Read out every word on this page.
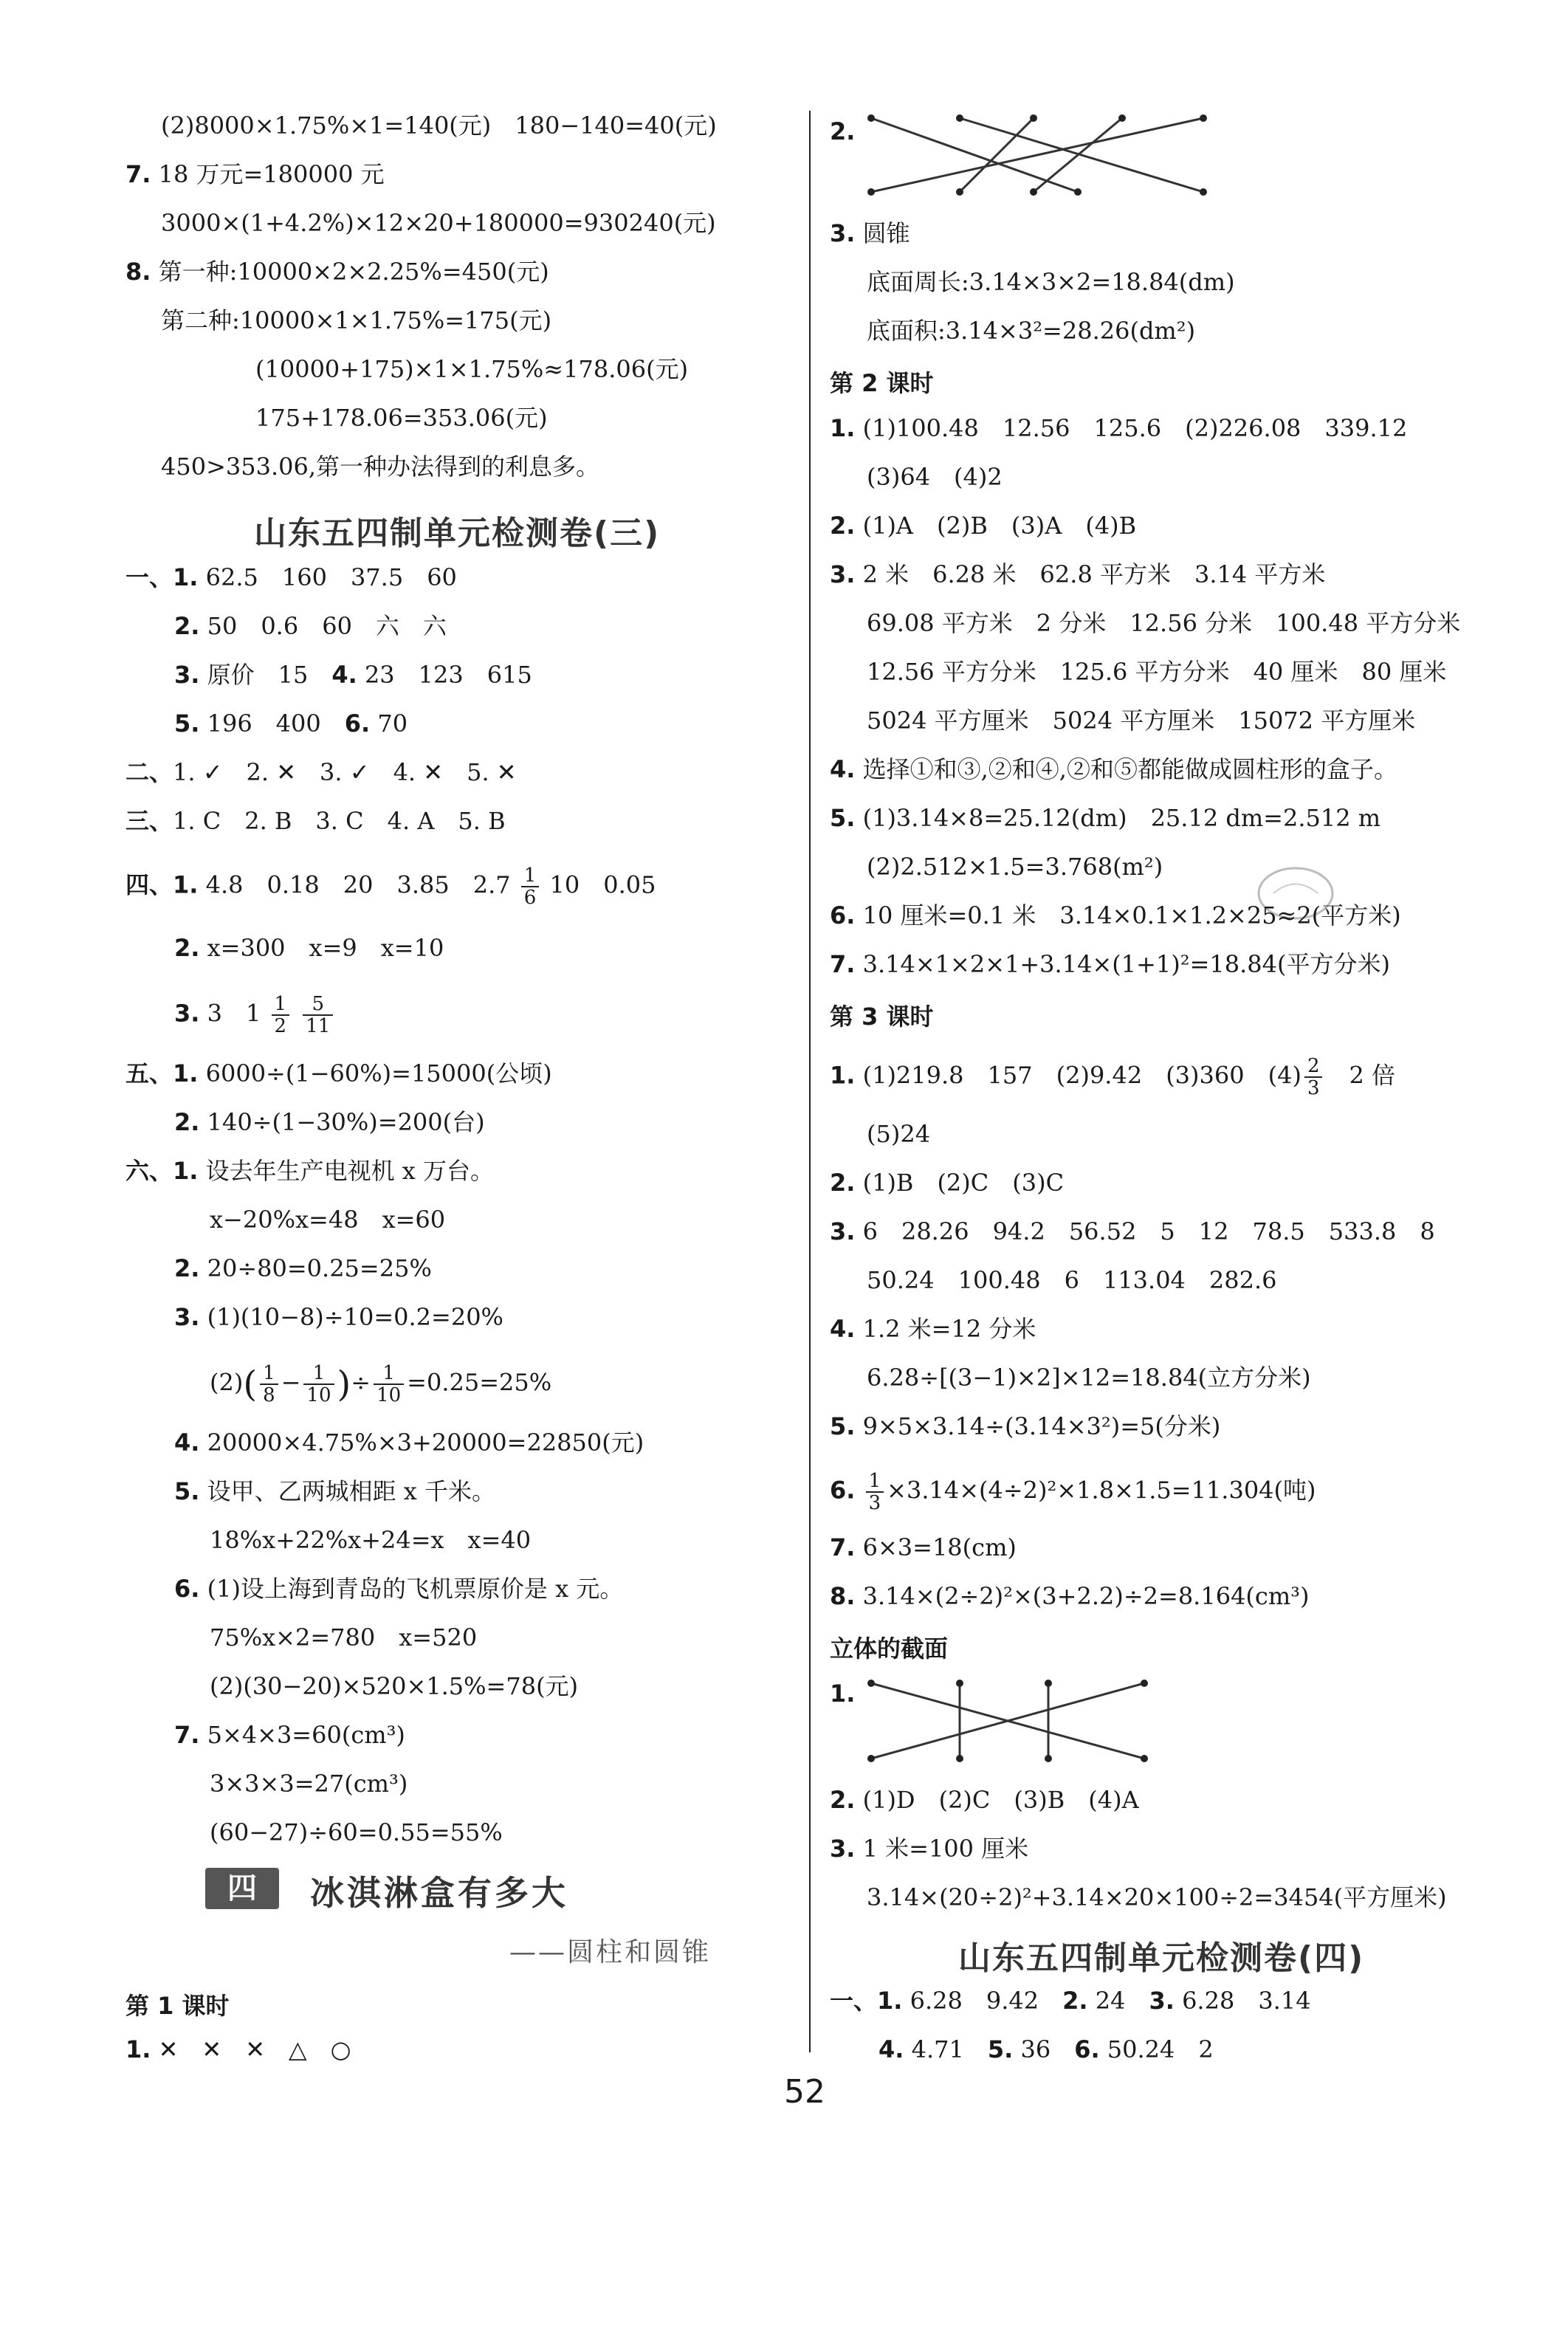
(2)8000×1.75%×1=140(元)　180−140=40(元)
7. 18 万元=180000 元
3000×(1+4.2%)×12×20+180000=930240(元)
8. 第一种:10000×2×2.25%=450(元)
第二种:10000×1×1.75%=175(元)
(10000+175)×1×1.75%≈178.06(元)
175+178.06=353.06(元)
450>353.06,第一种办法得到的利息多。
山东五四制单元检测卷(三)
一、1. 62.5　160　37.5　60
2. 50　0.6　60　六　六
3. 原价　15　 4. 23　123　615
5. 196　400　 6. 70
二、1. ✓　2. ✕　3. ✓　4. ✕　5. ✕
三、1. C　2. B　3. C　4. A　5. B
四、1. 4.8　0.18　20　3.85　$2.7 \frac{1}{6} 10$　0.05
2. x=300　x=9　x=10
3. 3　$1 \frac{1}{2}$
$\frac{5}{11}$
五、1. 6000÷(1−60%)=15000(公顷)
2. 140÷(1−30%)=200(台)
六、1. 设去年生产电视机 x 万台。
x−20%x=48　x=60
2. 20÷80=0.25=25%
3. (1)(10−8)÷10=0.2=20%
$(2)( \frac{1}{8} - \frac{1}{10}$ )÷ $\frac{1}{10} =0.25=25\%$
4. 20000×4.75%×3+20000=22850(元)
5. 设甲、乙两城相距 x 千米。
18%x+22%x+24=x　x=40
6. (1)设上海到青岛的飞机票原价是 x 元。
75%x×2=780　x=520
(2)(30−20)×520×1.5%=78(元)
7. 5×4×3=60(cm³)
3×3×3=27(cm³)
(60−27)÷60=0.55=55%
四	冰淇淋盒有多大
——圆柱和圆锥
第 1 课时
1. ✕　✕　✕　△　○
2.
3. 圆锥
底面周长:3.14×3×2=18.84(dm)
底面积:3.14×3²=28.26(dm²)
第 2 课时
1. (1)100.48　12.56　125.6　(2)226.08　339.12
(3)64　(4)2
2. (1)A　(2)B　(3)A　(4)B
3. 2 米　6.28 米　62.8 平方米　3.14 平方米
69.08 平方米　2 分米　12.56 分米　100.48 平方分米
12.56 平方分米　125.6 平方分米　40 厘米　80 厘米
5024 平方厘米　5024 平方厘米　15072 平方厘米
4. 选择①和③,②和④,②和⑤都能做成圆柱形的盒子。
5. (1)3.14×8=25.12(dm)　25.12 dm=2.512 m
(2)2.512×1.5=3.768(m²)
6. 10 厘米=0.1 米　3.14×0.1×1.2×25≈2(平方米)
7. 3.14×1×2×1+3.14×(1+1)²=18.84(平方分米)
第 3 课时
1. (1)219.8　157　(2)9.42　(3)360　$(4) \frac{2}{3}$
　 2 倍
(5)24
2. (1)B　(2)C　(3)C
3. 6　28.26　94.2　56.52　5　12　78.5　533.8　8
50.24　100.48　6　113.04　282.6
4. 1.2 米=12 分米
6.28÷[(3−1)×2]×12=18.84(立方分米)
5. 9×5×3.14÷(3.14×3²)=5(分米)
6. $\frac{1}{3} \times 3.14\times(4\div 2)^2\times 1.8\times 1.5=11.304$(吨)
7. 6×3=18(cm)
8. 3.14×(2÷2)²×(3+2.2)÷2=8.164(cm³)
立体的截面
1.
2. (1)D　(2)C　(3)B　(4)A
3. 1 米=100 厘米
3.14×(20÷2)²+3.14×20×100÷2=3454(平方厘米)
山东五四制单元检测卷(四)
一、1. 6.28　9.42　 2. 24　 3. 6.28　3.14
4. 4.71　 5. 36　 6. 50.24　2
52
